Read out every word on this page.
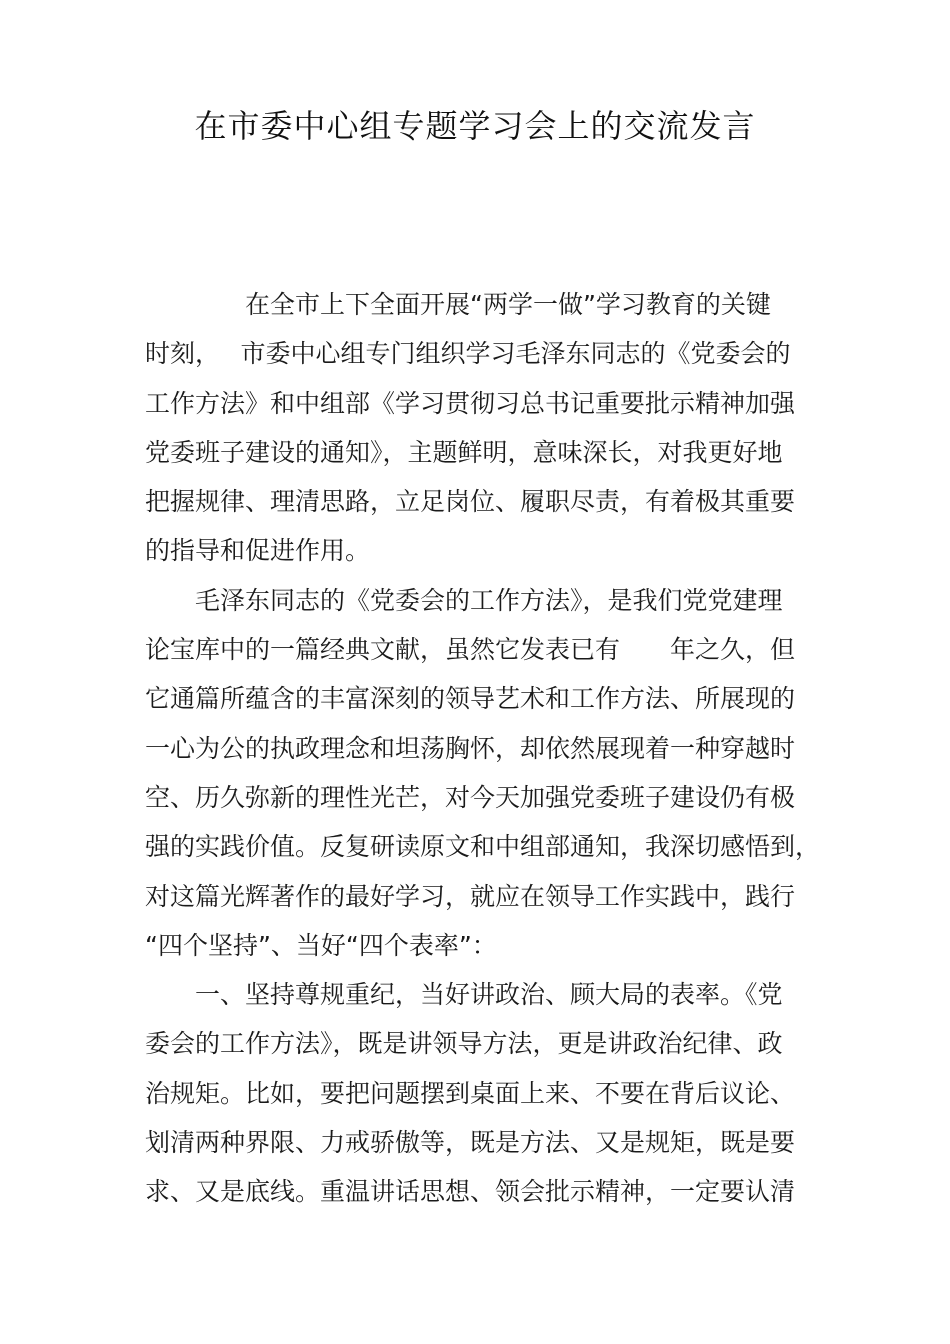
在市委中心组专题学习会上的交流发言
在全市上下全面开展“两学一做”学习教育的关键
时刻，　 市委中心组专门组织学习毛泽东同志的《党委会的
工作方法》和中组部《学习贯彻习总书记重要批示精神加强
党委班子建设的通知》，主题鲜明，意味深长，对我更好地
把握规律、理清思路，立足岗位、履职尽责，有着极其重要
的指导和促进作用。
毛泽东同志的《党委会的工作方法》，是我们党党建理
论宝库中的一篇经典文献，虽然它发表已有　　年之久，但
它通篇所蕴含的丰富深刻的领导艺术和工作方法、所展现的
一心为公的执政理念和坦荡胸怀，却依然展现着一种穿越时
空、历久弥新的理性光芒，对今天加强党委班子建设仍有极
强的实践价值。反复研读原文和中组部通知，我深切感悟到，
对这篇光辉著作的最好学习，就应在领导工作实践中，践行
“四个坚持”、当好“四个表率”：
一、坚持尊规重纪，当好讲政治、顾大局的表率。《党
委会的工作方法》，既是讲领导方法，更是讲政治纪律、政
治规矩。比如，要把问题摆到桌面上来、不要在背后议论、
划清两种界限、力戒骄傲等，既是方法、又是规矩，既是要
求、又是底线。重温讲话思想、领会批示精神，一定要认清
